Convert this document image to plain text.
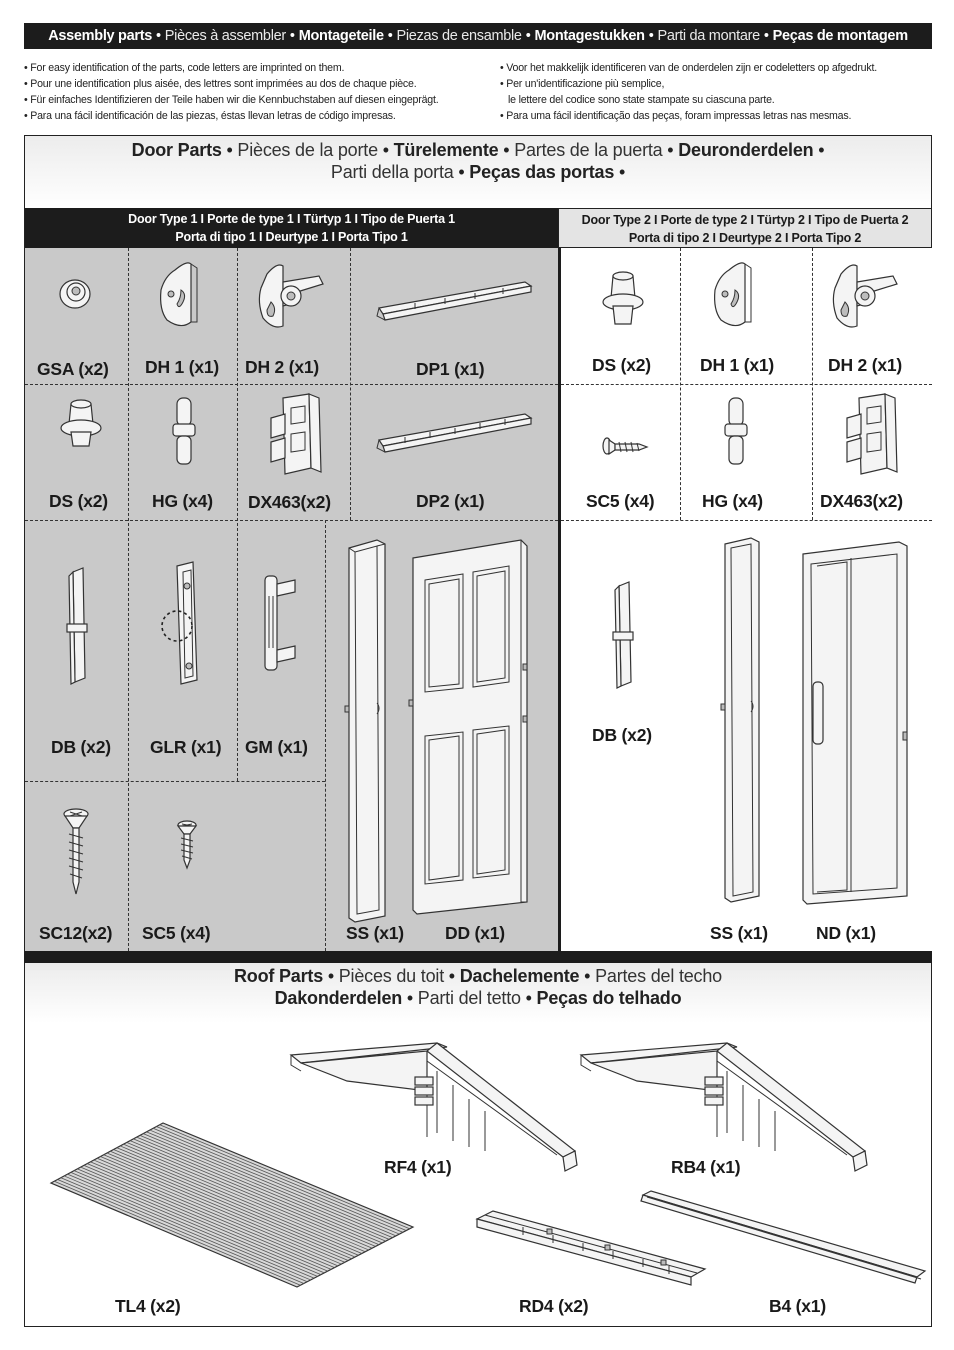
Assembly parts • Pièces à assembler • Montageteile • Piezas de ensamble • Montagestukken • Parti da montare • Peças de montagem
• For easy identification of the parts, code letters are imprinted on them.
• Pour une identification plus aisée, des lettres sont imprimées au dos de chaque pièce.
• Für einfaches Identifizieren der Teile haben wir die Kennbuchstaben auf diesen eingeprägt.
• Para una fácil identificación de las piezas, éstas llevan letras de código impresas.
• Voor het makkelijk identificeren van de onderdelen zijn er codeletters op afgedrukt.
• Per un'identificazione più semplice,
le lettere del codice sono state stampate su ciascuna parte.
• Para uma fácil identificação das peças, foram impressas letras nas mesmas.
Door Parts • Pièces de la porte • Türelemente • Partes de la puerta • Deuronderdelen •
Parti della porta • Peças das portas •
Door Type 1 I Porte de type 1 I Türtyp 1 I Tipo de Puerta 1
Porta di tipo 1 I Deurtype 1 I Porta Tipo 1
Door Type 2 I Porte de type 2 I Türtyp 2 I Tipo de Puerta 2
Porta di tipo 2 I Deurtype 2 I Porta Tipo 2
GSA (x2) DH 1 (x1) DH 2 (x1)	DP1 (x1)
DS (x2)	HG (x4) DX463(x2)	DP2 (x1)
DB (x2) GLR (x1) GM (x1)
SC12(x2) SC5 (x4)	SS (x1) DD (x1)
DS (x2)	DH 1 (x1)	DH 2 (x1)
SC5 (x4)	HG (x4)	DX463(x2)
DB (x2)
SS (x1)	ND (x1)
Roof Parts • Pièces du toit • Dachelemente • Partes del techo
Dakonderdelen • Parti del tetto • Peças do telhado
RF4 (x1)	RB4 (x1)
TL4 (x2)	RD4 (x2)	B4 (x1)
